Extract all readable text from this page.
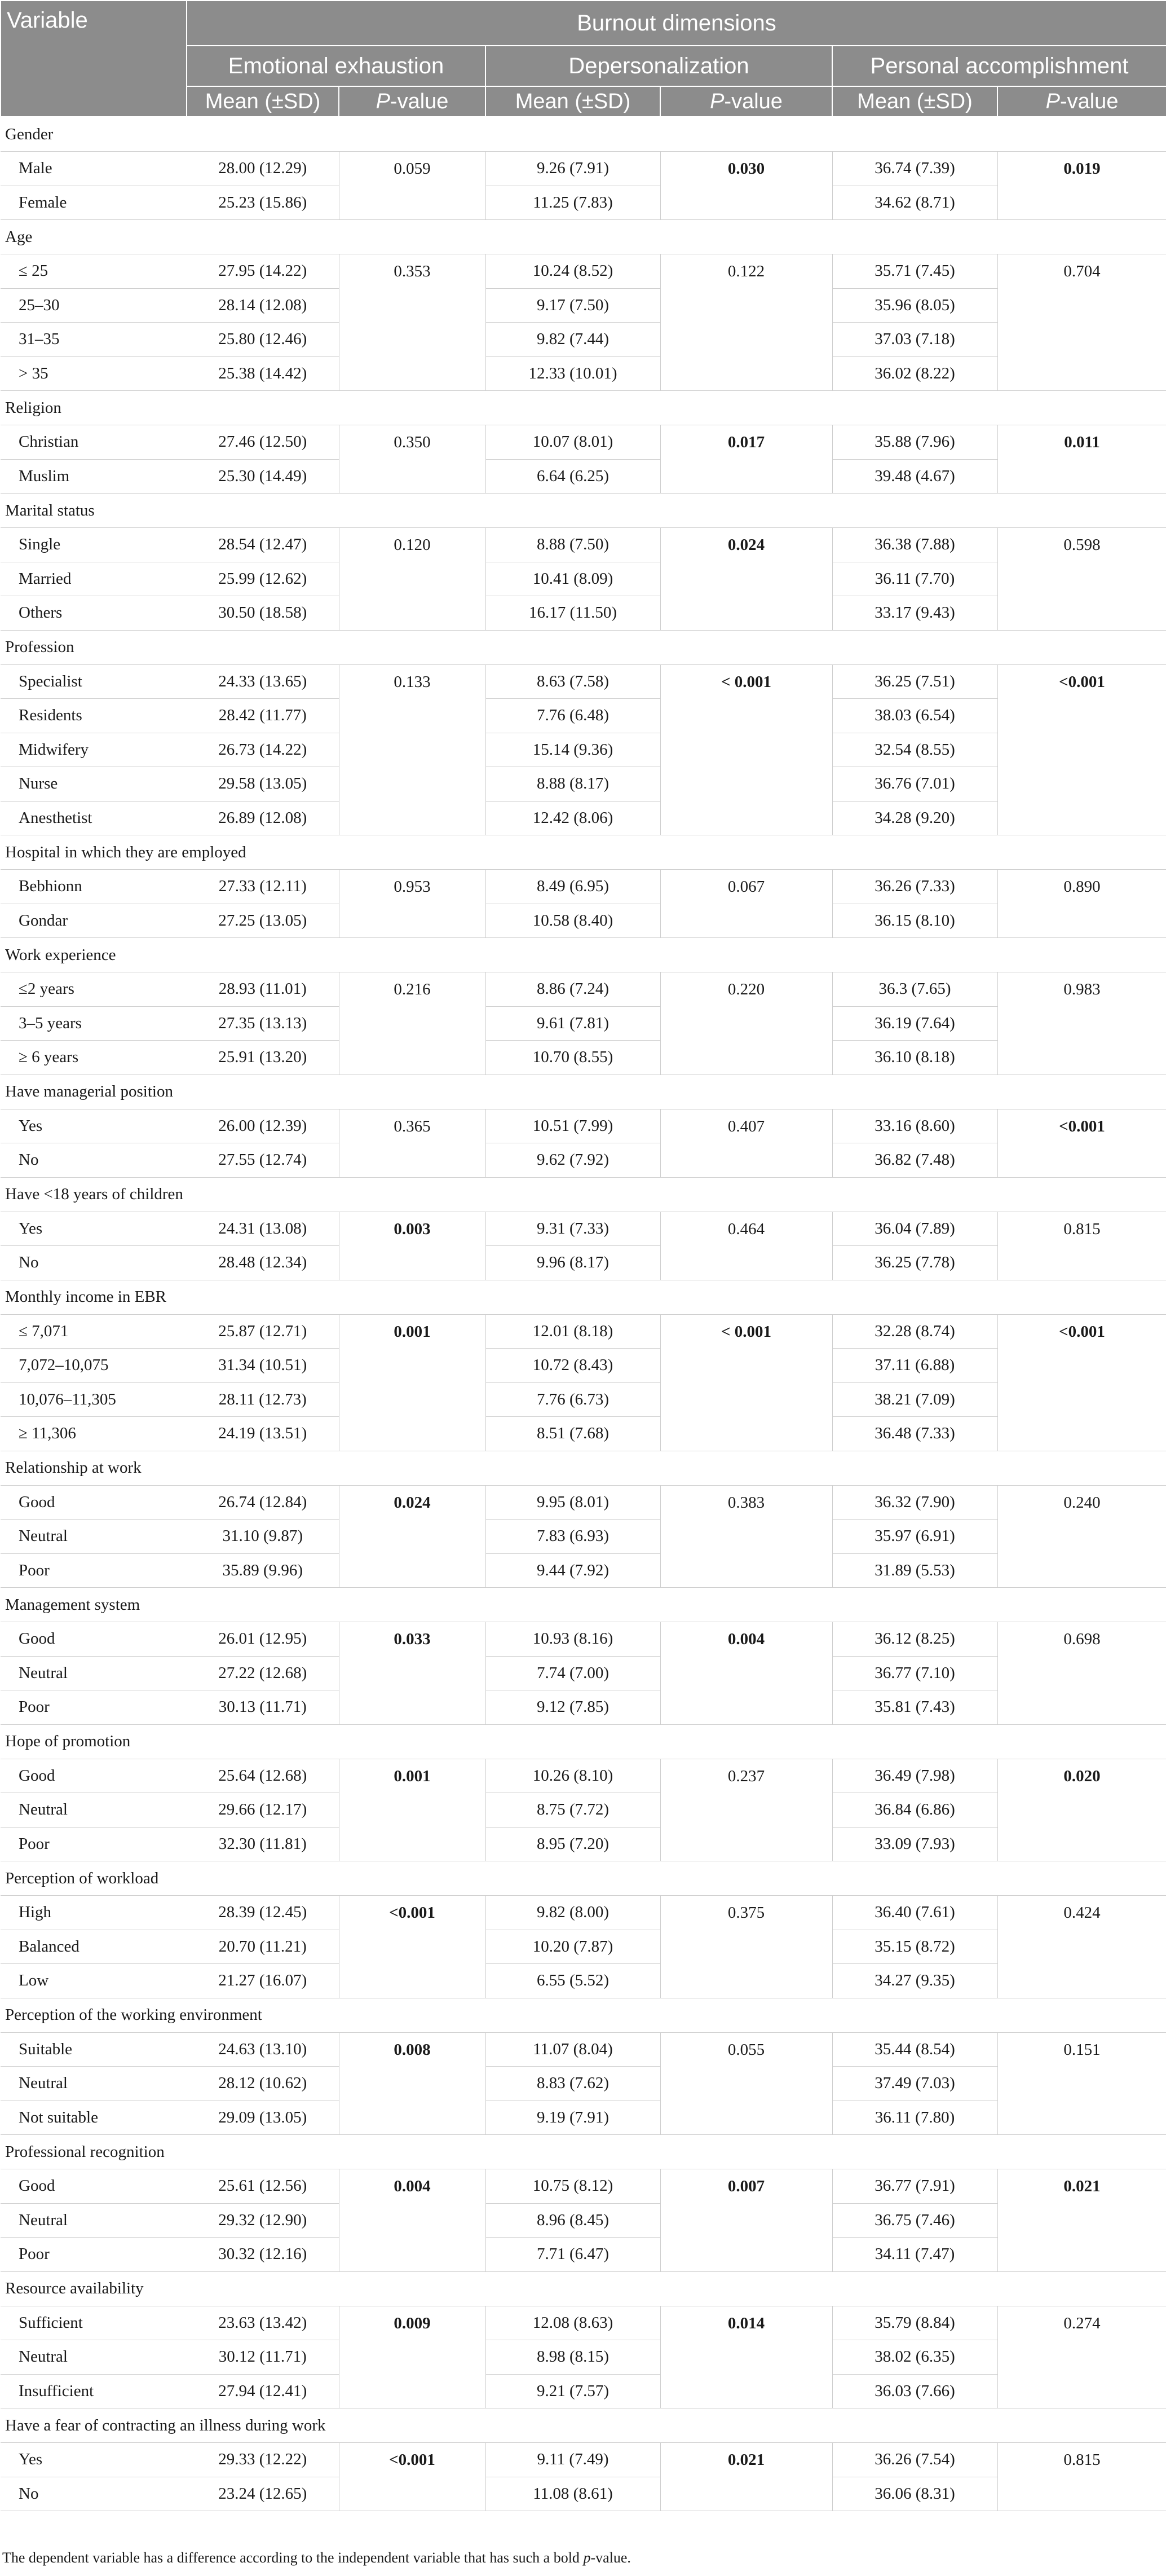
Variable	Burnout dimensions					
	Emotional exhaustion		Depersonalization		Personal accomplishment	
	Mean (±SD)	P-value	Mean (±SD)	P-value	Mean (±SD)	P-value
Gender						
Male	28.00 (12.29)	0.059	9.26 (7.91)	0.030	36.74 (7.39)	0.019
Female	25.23 (15.86)		11.25 (7.83)		34.62 (8.71)	
Age						
≤ 25	27.95 (14.22)	0.353	10.24 (8.52)	0.122	35.71 (7.45)	0.704
25–30	28.14 (12.08)		9.17 (7.50)		35.96 (8.05)	
31–35	25.80 (12.46)		9.82 (7.44)		37.03 (7.18)	
> 35	25.38 (14.42)		12.33 (10.01)		36.02 (8.22)	
Religion						
Christian	27.46 (12.50)	0.350	10.07 (8.01)	0.017	35.88 (7.96)	0.011
Muslim	25.30 (14.49)		6.64 (6.25)		39.48 (4.67)	
Marital status						
Single	28.54 (12.47)	0.120	8.88 (7.50)	0.024	36.38 (7.88)	0.598
Married	25.99 (12.62)		10.41 (8.09)		36.11 (7.70)	
Others	30.50 (18.58)		16.17 (11.50)		33.17 (9.43)	
Profession						
Specialist	24.33 (13.65)	0.133	8.63 (7.58)	< 0.001	36.25 (7.51)	<0.001
Residents	28.42 (11.77)		7.76 (6.48)		38.03 (6.54)	
Midwifery	26.73 (14.22)		15.14 (9.36)		32.54 (8.55)	
Nurse	29.58 (13.05)		8.88 (8.17)		36.76 (7.01)	
Anesthetist	26.89 (12.08)		12.42 (8.06)		34.28 (9.20)	
Hospital in which they are employed						
Bebhionn	27.33 (12.11)	0.953	8.49 (6.95)	0.067	36.26 (7.33)	0.890
Gondar	27.25 (13.05)		10.58 (8.40)		36.15 (8.10)	
Work experience						
≤2 years	28.93 (11.01)	0.216	8.86 (7.24)	0.220	36.3 (7.65)	0.983
3–5 years	27.35 (13.13)		9.61 (7.81)		36.19 (7.64)	
≥ 6 years	25.91 (13.20)		10.70 (8.55)		36.10 (8.18)	
Have managerial position						
Yes	26.00 (12.39)	0.365	10.51 (7.99)	0.407	33.16 (8.60)	<0.001
No	27.55 (12.74)		9.62 (7.92)		36.82 (7.48)	
Have <18 years of children						
Yes	24.31 (13.08)	0.003	9.31 (7.33)	0.464	36.04 (7.89)	0.815
No	28.48 (12.34)		9.96 (8.17)		36.25 (7.78)	
Monthly income in EBR						
≤ 7,071	25.87 (12.71)	0.001	12.01 (8.18)	< 0.001	32.28 (8.74)	<0.001
7,072–10,075	31.34 (10.51)		10.72 (8.43)		37.11 (6.88)	
10,076–11,305	28.11 (12.73)		7.76 (6.73)		38.21 (7.09)	
≥ 11,306	24.19 (13.51)		8.51 (7.68)		36.48 (7.33)	
Relationship at work						
Good	26.74 (12.84)	0.024	9.95 (8.01)	0.383	36.32 (7.90)	0.240
Neutral	31.10 (9.87)		7.83 (6.93)		35.97 (6.91)	
Poor	35.89 (9.96)		9.44 (7.92)		31.89 (5.53)	
Management system						
Good	26.01 (12.95)	0.033	10.93 (8.16)	0.004	36.12 (8.25)	0.698
Neutral	27.22 (12.68)		7.74 (7.00)		36.77 (7.10)	
Poor	30.13 (11.71)		9.12 (7.85)		35.81 (7.43)	
Hope of promotion						
Good	25.64 (12.68)	0.001	10.26 (8.10)	0.237	36.49 (7.98)	0.020
Neutral	29.66 (12.17)		8.75 (7.72)		36.84 (6.86)	
Poor	32.30 (11.81)		8.95 (7.20)		33.09 (7.93)	
Perception of workload						
High	28.39 (12.45)	<0.001	9.82 (8.00)	0.375	36.40 (7.61)	0.424
Balanced	20.70 (11.21)		10.20 (7.87)		35.15 (8.72)	
Low	21.27 (16.07)		6.55 (5.52)		34.27 (9.35)	
Perception of the working environment						
Suitable	24.63 (13.10)	0.008	11.07 (8.04)	0.055	35.44 (8.54)	0.151
Neutral	28.12 (10.62)		8.83 (7.62)		37.49 (7.03)	
Not suitable	29.09 (13.05)		9.19 (7.91)		36.11 (7.80)	
Professional recognition						
Good	25.61 (12.56)	0.004	10.75 (8.12)	0.007	36.77 (7.91)	0.021
Neutral	29.32 (12.90)		8.96 (8.45)		36.75 (7.46)	
Poor	30.32 (12.16)		7.71 (6.47)		34.11 (7.47)	
Resource availability						
Sufficient	23.63 (13.42)	0.009	12.08 (8.63)	0.014	35.79 (8.84)	0.274
Neutral	30.12 (11.71)		8.98 (8.15)		38.02 (6.35)	
Insufficient	27.94 (12.41)		9.21 (7.57)		36.03 (7.66)	
Have a fear of contracting an illness during work						
Yes	29.33 (12.22)	<0.001	9.11 (7.49)	0.021	36.26 (7.54)	0.815
No	23.24 (12.65)		11.08 (8.61)		36.06 (8.31)	
The dependent variable has a difference according to the independent variable that has such a bold p-value.
